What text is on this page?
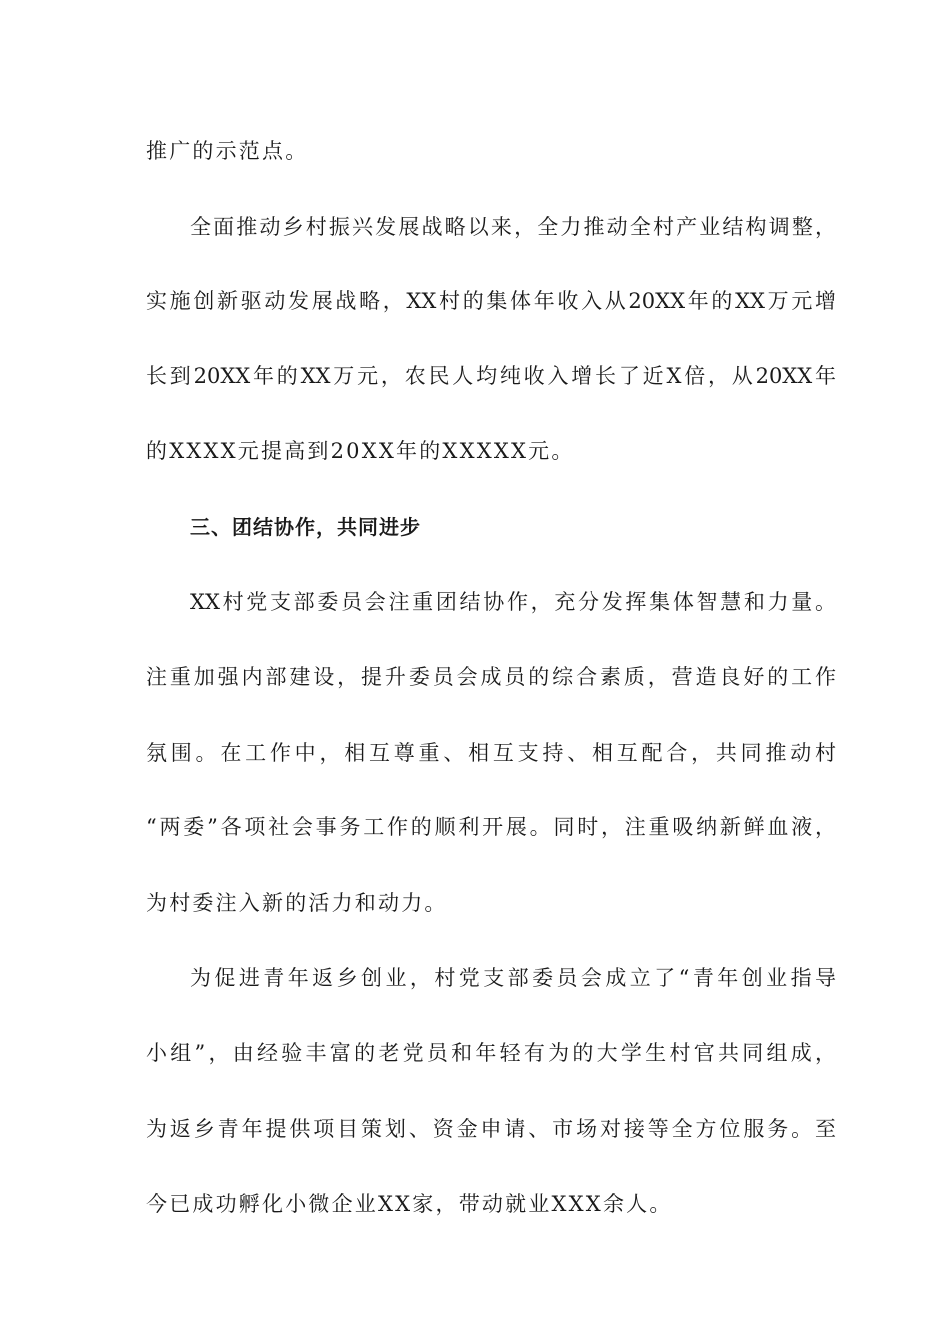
推广的示范点。
全面推动乡村振兴发展战略以来，全力推动全村产业结构调整，
实施创新驱动发展战略，XX村的集体年收入从20XX年的XX万元增
长到20XX年的XX万元，农民人均纯收入增长了近X倍，从20XX年
的XXXX元提高到20XX年的XXXXX元。
三、团结协作，共同进步
XX村党支部委员会注重团结协作，充分发挥集体智慧和力量。
注重加强内部建设，提升委员会成员的综合素质，营造良好的工作
氛围。在工作中，相互尊重、相互支持、相互配合，共同推动村
“两委”各项社会事务工作的顺利开展。同时，注重吸纳新鲜血液，
为村委注入新的活力和动力。
为促进青年返乡创业，村党支部委员会成立了“青年创业指导
小组”，由经验丰富的老党员和年轻有为的大学生村官共同组成，
为返乡青年提供项目策划、资金申请、市场对接等全方位服务。至
今已成功孵化小微企业XX家，带动就业XXX余人。
